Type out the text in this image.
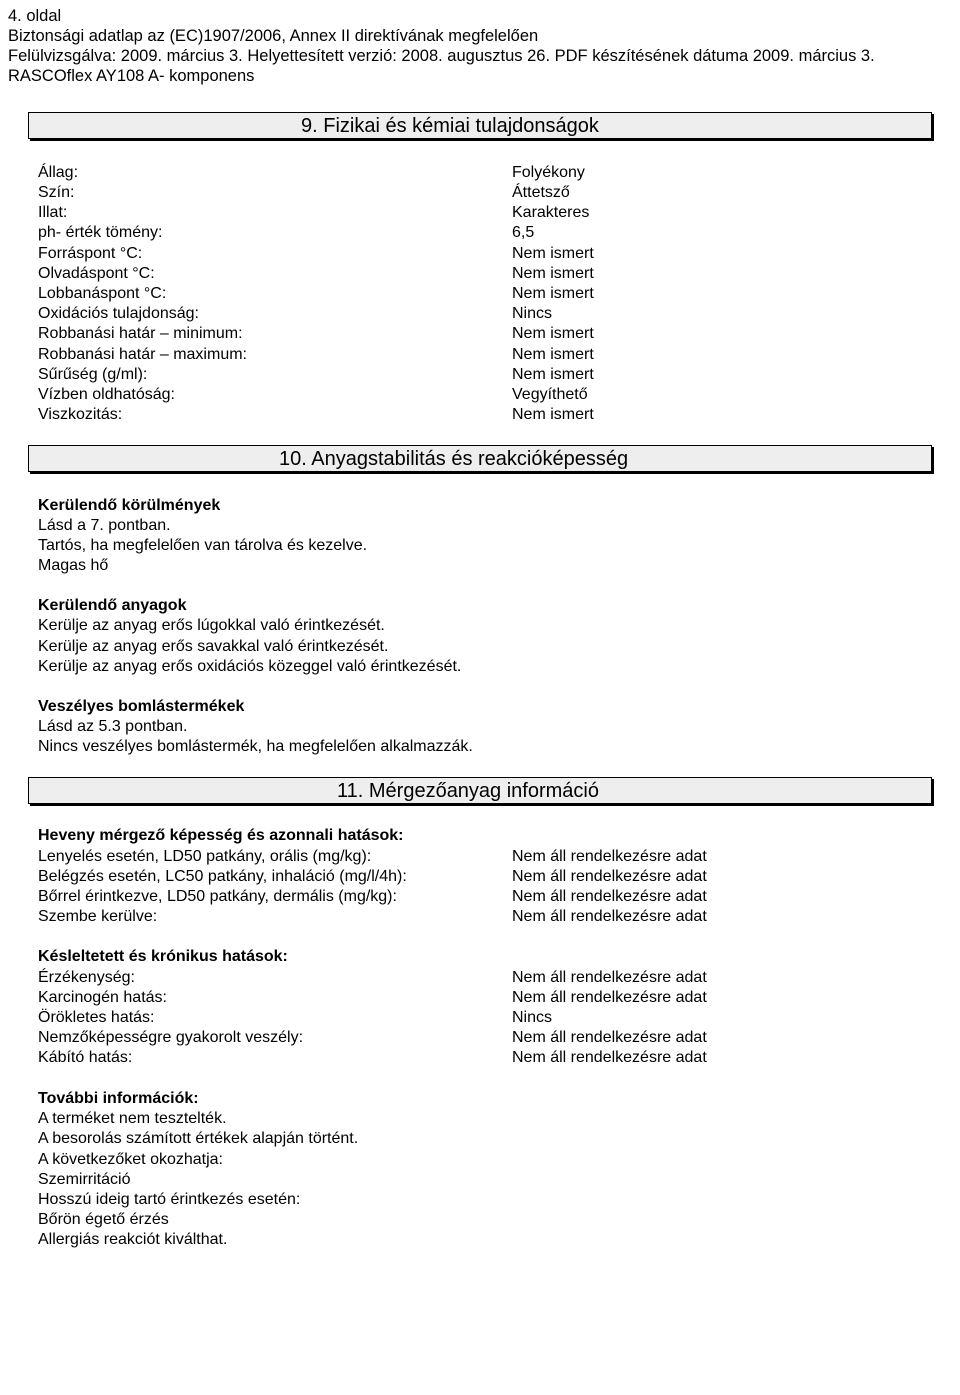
4. oldal
Biztonsági adatlap az (EC)1907/2006, Annex II direktívának megfelelően
Felülvizsgálva: 2009. március 3. Helyettesített verzió: 2008. augusztus 26. PDF készítésének dátuma 2009. március 3.
RASCOflex AY108 A- komponens
9. Fizikai és kémiai tulajdonságok
Állag:	Folyékony
Szín:	Áttetsző
Illat:	Karakteres
ph- érték tömény:	6,5
Forráspont °C:	Nem ismert
Olvadáspont °C:	Nem ismert
Lobbanáspont °C:	Nem ismert
Oxidációs tulajdonság:	Nincs
Robbanási határ – minimum:	Nem ismert
Robbanási határ – maximum:	Nem ismert
Sűrűség (g/ml):	Nem ismert
Vízben oldhatóság:	Vegyíthető
Viszkozitás:	Nem ismert
10. Anyagstabilitás és reakcióképesség
Kerülendő körülmények
Lásd a 7. pontban.
Tartós, ha megfelelően van tárolva és kezelve.
Magas hő
Kerülendő anyagok
Kerülje az anyag erős lúgokkal való érintkezését.
Kerülje az anyag erős savakkal való érintkezését.
Kerülje az anyag erős oxidációs közeggel való érintkezését.
Veszélyes bomlástermékek
Lásd az 5.3 pontban.
Nincs veszélyes bomlástermék, ha megfelelően alkalmazzák.
11. Mérgezőanyag információ
Heveny mérgező képesség és azonnali hatások:
Lenyelés esetén, LD50 patkány, orális (mg/kg):	Nem áll rendelkezésre adat
Belégzés esetén, LC50 patkány, inhaláció (mg/l/4h):	Nem áll rendelkezésre adat
Bőrrel érintkezve, LD50 patkány, dermális (mg/kg):	Nem áll rendelkezésre adat
Szembe kerülve:	Nem áll rendelkezésre adat
Késleltetett és krónikus hatások:
Érzékenység:	Nem áll rendelkezésre adat
Karcinogén hatás:	Nem áll rendelkezésre adat
Örökletes hatás:	Nincs
Nemzőképességre gyakorolt veszély:	Nem áll rendelkezésre adat
Kábító hatás:	Nem áll rendelkezésre adat
További információk:
A terméket nem tesztelték.
A besorolás számított értékek alapján történt.
A következőket okozhatja:
Szemirritáció
Hosszú ideig tartó érintkezés esetén:
Bőrön égető érzés
Allergiás reakciót kiválthat.
